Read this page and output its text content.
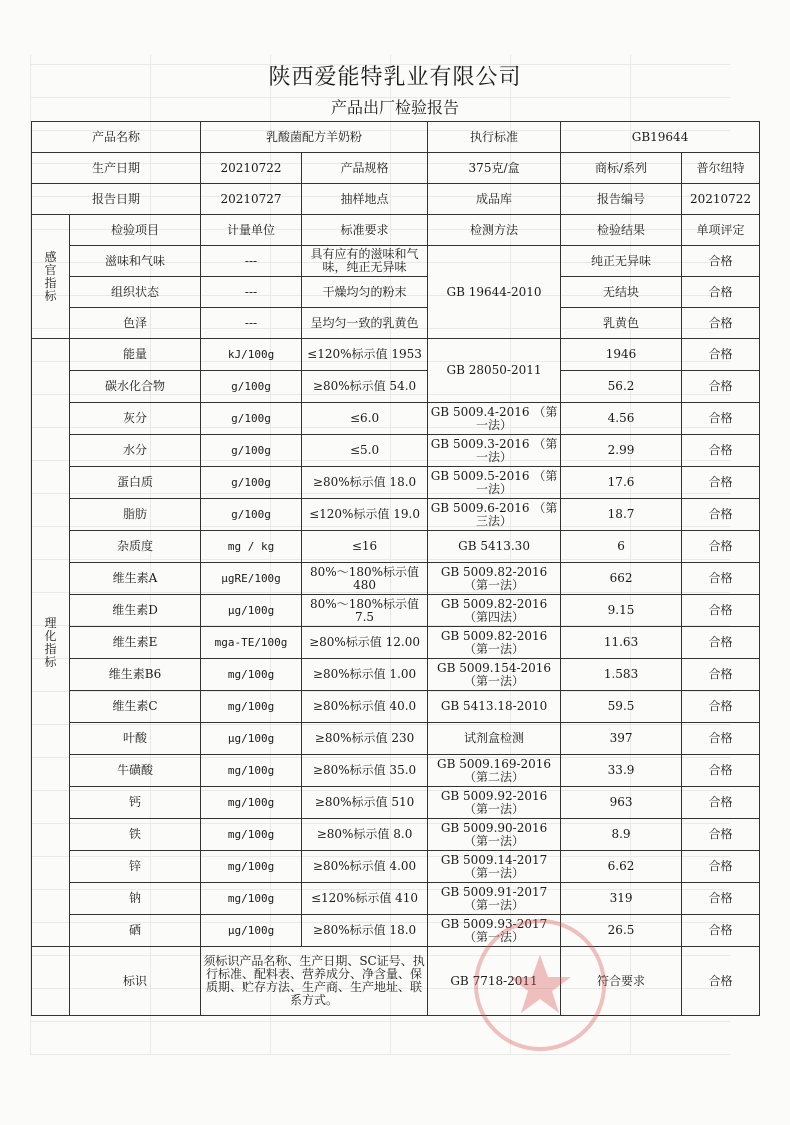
陕西爱能特乳业有限公司
产品出厂检验报告
产品名称		乳酸菌配方羊奶粉		执行标准	GB19644	
生产日期		20210722	产品规格	375克/盒	商标/系列	普尔纽特
报告日期		20210727	抽样地点	成品库	报告编号	20210722
感官指标	检验项目	计量单位	标准要求	检测方法	检验结果	单项评定
	滋味和气味	---	具有应有的滋味和气味，纯正无异味	GB 19644-2010	纯正无异味	合格
	组织状态	---	干燥均匀的粉末		无结块	合格
	色泽	---	呈均匀一致的乳黄色		乳黄色	合格
理化指标	能量	kJ/100g	≤120%标示值 1953	GB 28050-2011	1946	合格
	碳水化合物	g/100g	≥80%标示值 54.0		56.2	合格
	灰分	g/100g	≤6.0	GB 5009.4-2016 （第一法）	4.56	合格
	水分	g/100g	≤5.0	GB 5009.3-2016 （第一法）	2.99	合格
	蛋白质	g/100g	≥80%标示值 18.0	GB 5009.5-2016 （第一法）	17.6	合格
	脂肪	g/100g	≤120%标示值 19.0	GB 5009.6-2016 （第三法）	18.7	合格
	杂质度	mg / kg	≤16	GB 5413.30	6	合格
	维生素A	μgRE/100g	80%～180%标示值 480	GB 5009.82-2016 （第一法）	662	合格
	维生素D	μg/100g	80%～180%标示值 7.5	GB 5009.82-2016 （第四法）	9.15	合格
	维生素E	mga-TE/100g	≥80%标示值 12.00	GB 5009.82-2016 （第一法）	11.63	合格
	维生素B6	mg/100g	≥80%标示值 1.00	GB 5009.154-2016 （第一法）	1.583	合格
	维生素C	mg/100g	≥80%标示值 40.0	GB 5413.18-2010	59.5	合格
	叶酸	μg/100g	≥80%标示值 230	试剂盒检测	397	合格
	牛磺酸	mg/100g	≥80%标示值 35.0	GB 5009.169-2016 （第二法）	33.9	合格
	钙	mg/100g	≥80%标示值 510	GB 5009.92-2016 （第一法）	963	合格
	铁	mg/100g	≥80%标示值 8.0	GB 5009.90-2016 （第一法）	8.9	合格
	锌	mg/100g	≥80%标示值 4.00	GB 5009.14-2017 （第一法）	6.62	合格
	钠	mg/100g	≤120%标示值 410	GB 5009.91-2017 （第一法）	319	合格
	硒	μg/100g	≥80%标示值 18.0	GB 5009.93-2017 （第一法）	26.5	合格
	标识	须标识产品名称、生产日期、SC证号、执行标准、配料表、营养成分、净含量、保质期、贮存方法、生产商、生产地址、联系方式。		GB 7718-2011	符合要求	合格
